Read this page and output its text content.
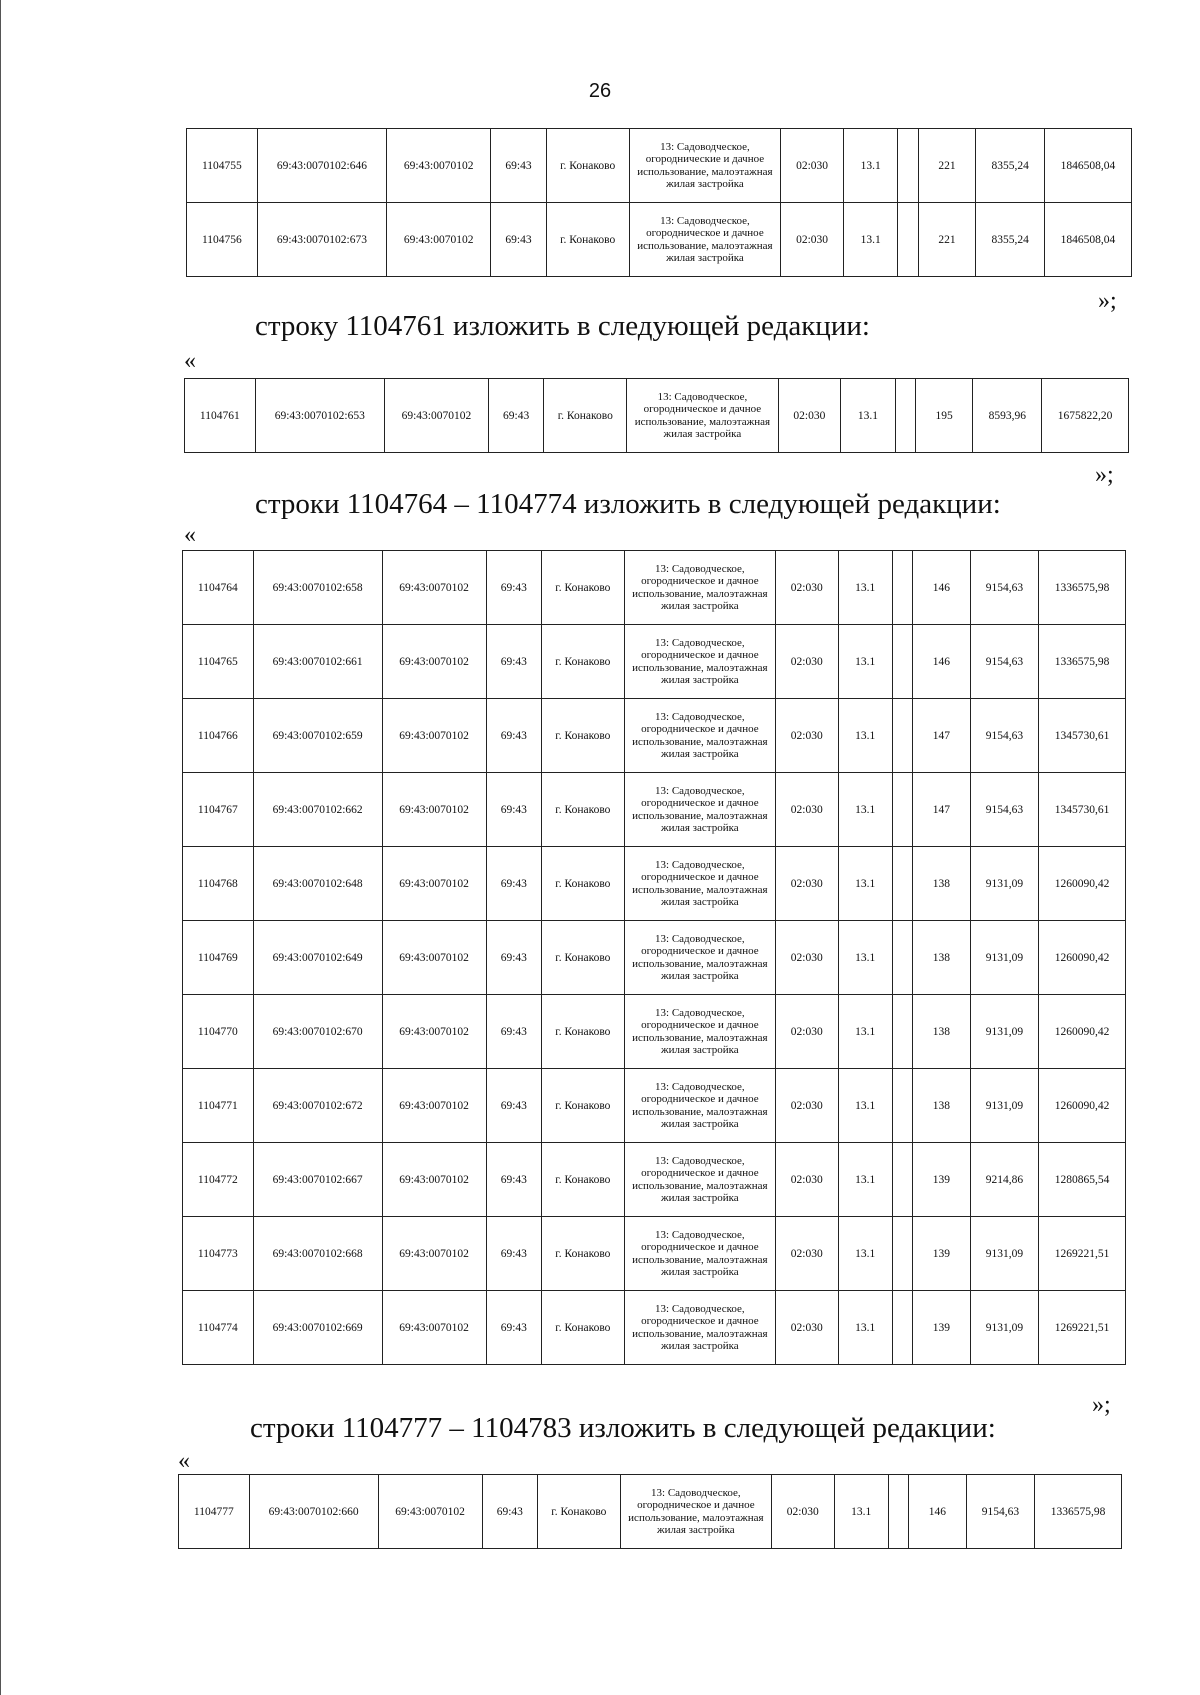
26
1104755	69:43:0070102:646	69:43:0070102	69:43	г. Конаково	13: Садоводческое, огороднические и дачное использование, малоэтажная жилая застройка	02:030	13.1		221	8355,24	1846508,04
1104756	69:43:0070102:673	69:43:0070102	69:43	г. Конаково	13: Садоводческое, огородническое и дачное использование, малоэтажная жилая застройка	02:030	13.1		221	8355,24	1846508,04
»;
строку 1104761 изложить в следующей редакции:
«
1104761	69:43:0070102:653	69:43:0070102	69:43	г. Конаково	13: Садоводческое, огородническое и дачное использование, малоэтажная жилая застройка	02:030	13.1		195	8593,96	1675822,20
»;
строки 1104764 – 1104774 изложить в следующей редакции:
«
1104764	69:43:0070102:658	69:43:0070102	69:43	г. Конаково	13: Садоводческое, огородническое и дачное использование, малоэтажная жилая застройка	02:030	13.1		146	9154,63	1336575,98
1104765	69:43:0070102:661	69:43:0070102	69:43	г. Конаково	13: Садоводческое, огородническое и дачное использование, малоэтажная жилая застройка	02:030	13.1		146	9154,63	1336575,98
1104766	69:43:0070102:659	69:43:0070102	69:43	г. Конаково	13: Садоводческое, огородническое и дачное использование, малоэтажная жилая застройка	02:030	13.1		147	9154,63	1345730,61
1104767	69:43:0070102:662	69:43:0070102	69:43	г. Конаково	13: Садоводческое, огородническое и дачное использование, малоэтажная жилая застройка	02:030	13.1		147	9154,63	1345730,61
1104768	69:43:0070102:648	69:43:0070102	69:43	г. Конаково	13: Садоводческое, огородническое и дачное использование, малоэтажная жилая застройка	02:030	13.1		138	9131,09	1260090,42
1104769	69:43:0070102:649	69:43:0070102	69:43	г. Конаково	13: Садоводческое, огородническое и дачное использование, малоэтажная жилая застройка	02:030	13.1		138	9131,09	1260090,42
1104770	69:43:0070102:670	69:43:0070102	69:43	г. Конаково	13: Садоводческое, огородническое и дачное использование, малоэтажная жилая застройка	02:030	13.1		138	9131,09	1260090,42
1104771	69:43:0070102:672	69:43:0070102	69:43	г. Конаково	13: Садоводческое, огородническое и дачное использование, малоэтажная жилая застройка	02:030	13.1		138	9131,09	1260090,42
1104772	69:43:0070102:667	69:43:0070102	69:43	г. Конаково	13: Садоводческое, огородническое и дачное использование, малоэтажная жилая застройка	02:030	13.1		139	9214,86	1280865,54
1104773	69:43:0070102:668	69:43:0070102	69:43	г. Конаково	13: Садоводческое, огородническое и дачное использование, малоэтажная жилая застройка	02:030	13.1		139	9131,09	1269221,51
1104774	69:43:0070102:669	69:43:0070102	69:43	г. Конаково	13: Садоводческое, огородническое и дачное использование, малоэтажная жилая застройка	02:030	13.1		139	9131,09	1269221,51
»;
строки 1104777 – 1104783 изложить в следующей редакции:
«
1104777	69:43:0070102:660	69:43:0070102	69:43	г. Конаково	13: Садоводческое, огородническое и дачное использование, малоэтажная жилая застройка	02:030	13.1		146	9154,63	1336575,98
